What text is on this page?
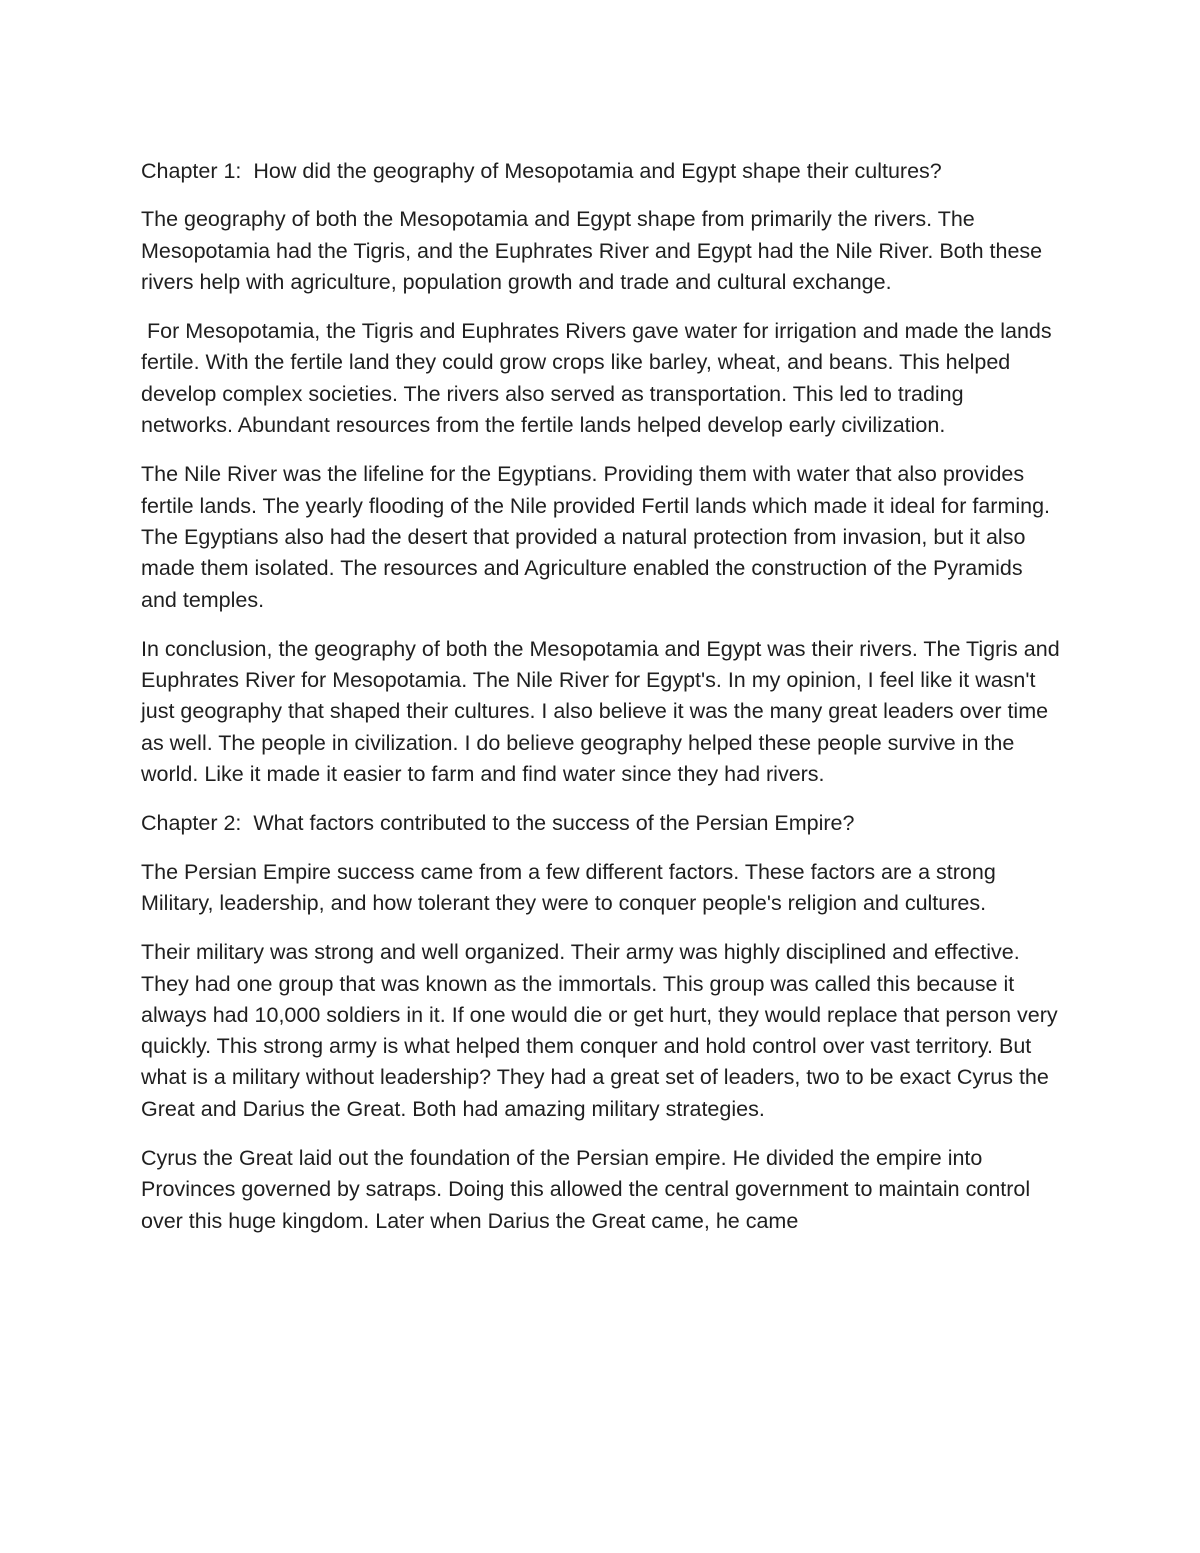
Chapter 1:  How did the geography of Mesopotamia and Egypt shape their cultures?

The geography of both the Mesopotamia and Egypt shape from primarily the rivers. The Mesopotamia had the Tigris, and the Euphrates River and Egypt had the Nile River. Both these rivers help with agriculture, population growth and trade and cultural exchange.

For Mesopotamia, the Tigris and Euphrates Rivers gave water for irrigation and made the lands fertile. With the fertile land they could grow crops like barley, wheat, and beans. This helped develop complex societies. The rivers also served as transportation. This led to trading networks. Abundant resources from the fertile lands helped develop early civilization.

The Nile River was the lifeline for the Egyptians. Providing them with water that also provides fertile lands. The yearly flooding of the Nile provided Fertil lands which made it ideal for farming. The Egyptians also had the desert that provided a natural protection from invasion, but it also made them isolated. The resources and Agriculture enabled the construction of the Pyramids and temples.

In conclusion, the geography of both the Mesopotamia and Egypt was their rivers. The Tigris and Euphrates River for Mesopotamia. The Nile River for Egypt's. In my opinion, I feel like it wasn't just geography that shaped their cultures. I also believe it was the many great leaders over time as well. The people in civilization. I do believe geography helped these people survive in the world. Like it made it easier to farm and find water since they had rivers.

Chapter 2:  What factors contributed to the success of the Persian Empire?

The Persian Empire success came from a few different factors. These factors are a strong Military, leadership, and how tolerant they were to conquer people's religion and cultures.

Their military was strong and well organized. Their army was highly disciplined and effective. They had one group that was known as the immortals. This group was called this because it always had 10,000 soldiers in it. If one would die or get hurt, they would replace that person very quickly. This strong army is what helped them conquer and hold control over vast territory. But what is a military without leadership? They had a great set of leaders, two to be exact Cyrus the Great and Darius the Great. Both had amazing military strategies.

Cyrus the Great laid out the foundation of the Persian empire. He divided the empire into Provinces governed by satraps. Doing this allowed the central government to maintain control over this huge kingdom. Later when Darius the Great came, he came
